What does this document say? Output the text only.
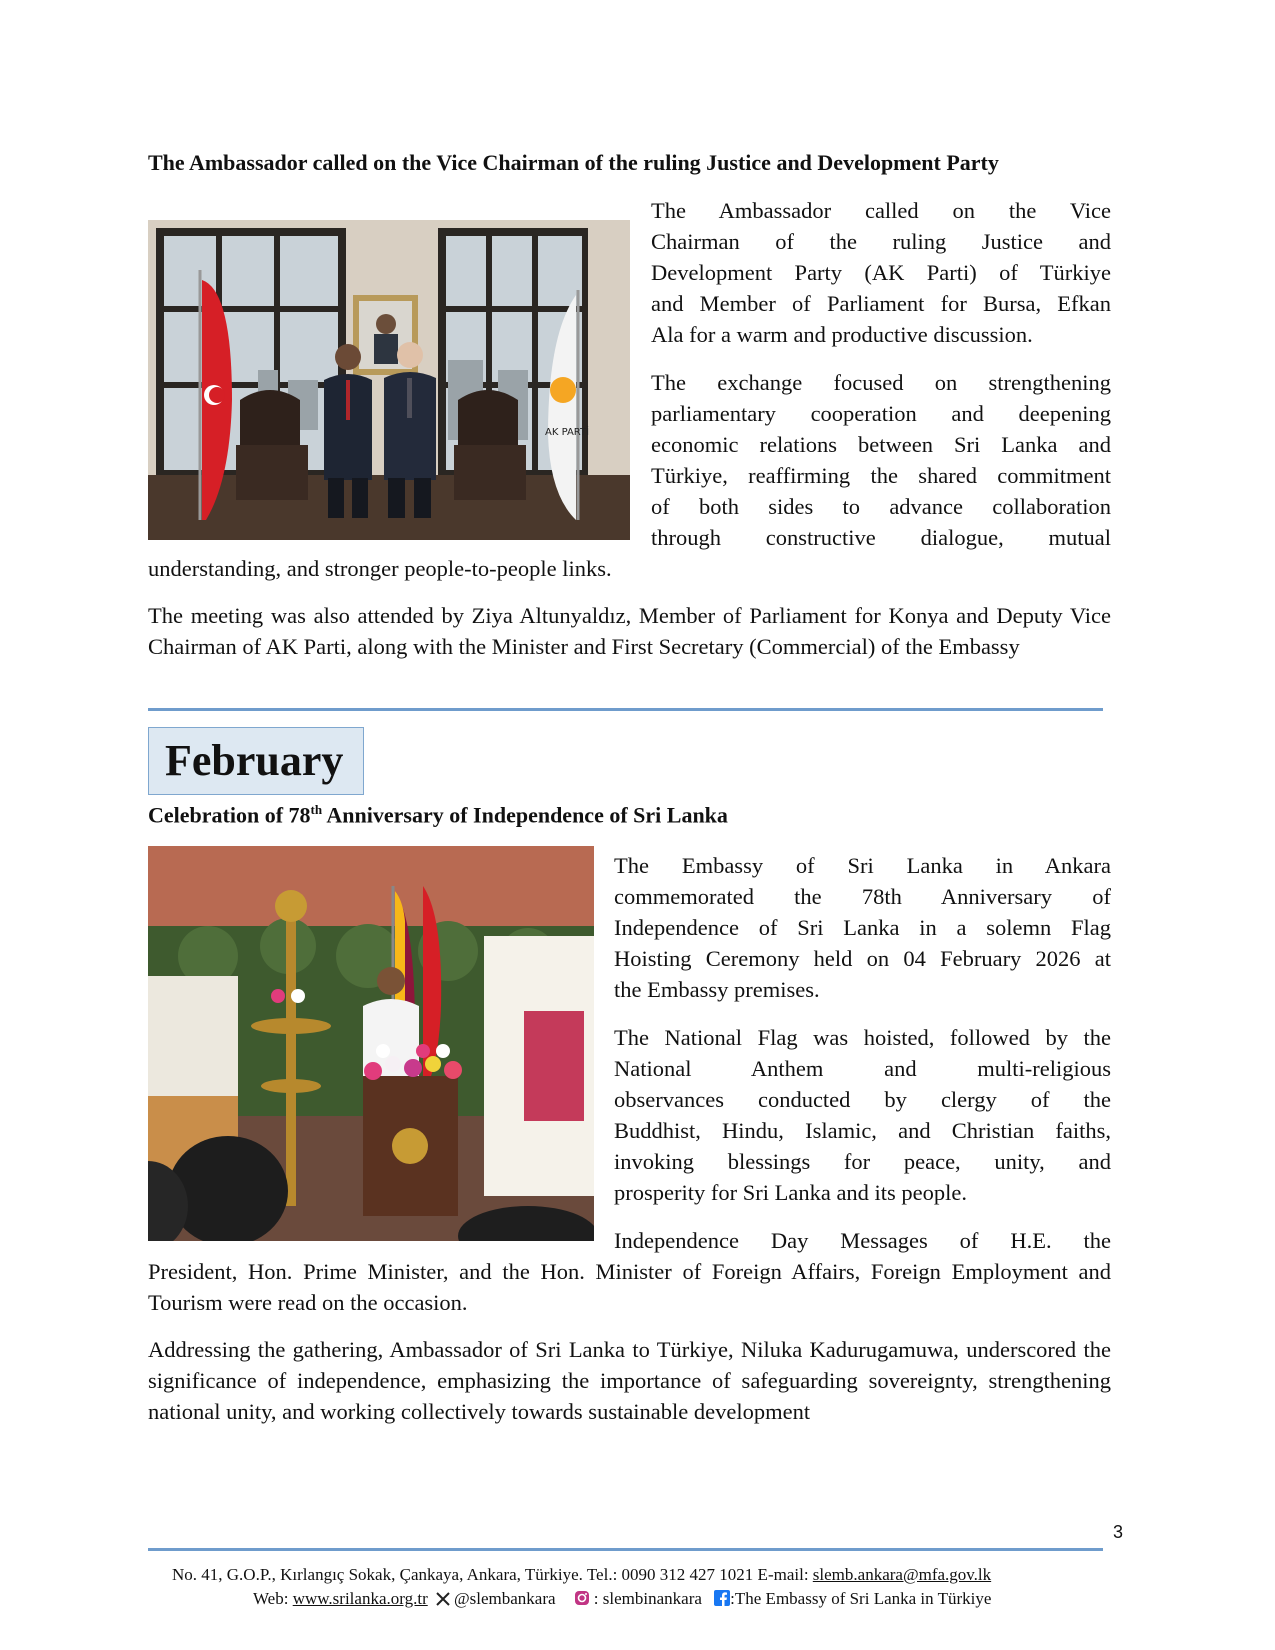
The Ambassador called on the Vice Chairman of the ruling Justice and Development Party
AK PARTİ
The Ambassador called on the Vice
Chairman of the ruling Justice and
Development Party (AK Parti) of Türkiye
and Member of Parliament for Bursa, Efkan
Ala for a warm and productive discussion.
The exchange focused on strengthening
parliamentary cooperation and deepening
economic relations between Sri Lanka and
Türkiye, reaffirming the shared commitment
of both sides to advance collaboration
through constructive dialogue, mutual
understanding, and stronger people-to-people links.
The meeting was also attended by Ziya Altunyaldız, Member of Parliament for Konya and Deputy Vice Chairman of AK Parti, along with the Minister and First Secretary (Commercial) of the Embassy
February
Celebration of 78th Anniversary of Independence of Sri Lanka
The Embassy of Sri Lanka in Ankara
commemorated the 78th Anniversary of
Independence of Sri Lanka in a solemn Flag
Hoisting Ceremony held on 04 February 2026 at
the Embassy premises.
The National Flag was hoisted, followed by the
National Anthem and multi-religious
observances conducted by clergy of the
Buddhist, Hindu, Islamic, and Christian faiths,
invoking blessings for peace, unity, and
prosperity for Sri Lanka and its people.
Independence Day Messages of H.E. the
President, Hon. Prime Minister, and the Hon. Minister of Foreign Affairs, Foreign Employment and Tourism were read on the occasion.
Addressing the gathering, Ambassador of Sri Lanka to Türkiye, Niluka Kadurugamuwa, underscored the significance of independence, emphasizing the importance of safeguarding sovereignty, strengthening national unity, and working collectively towards sustainable development
3
No. 41, G.O.P., Kırlangıç Sokak, Çankaya, Ankara, Türkiye. Tel.: 0090 312 427 1021 E-mail: slemb.ankara@mfa.gov.lk
Web: www.srilanka.org.tr @slembankara : slembinankara :The Embassy of Sri Lanka in Türkiye
